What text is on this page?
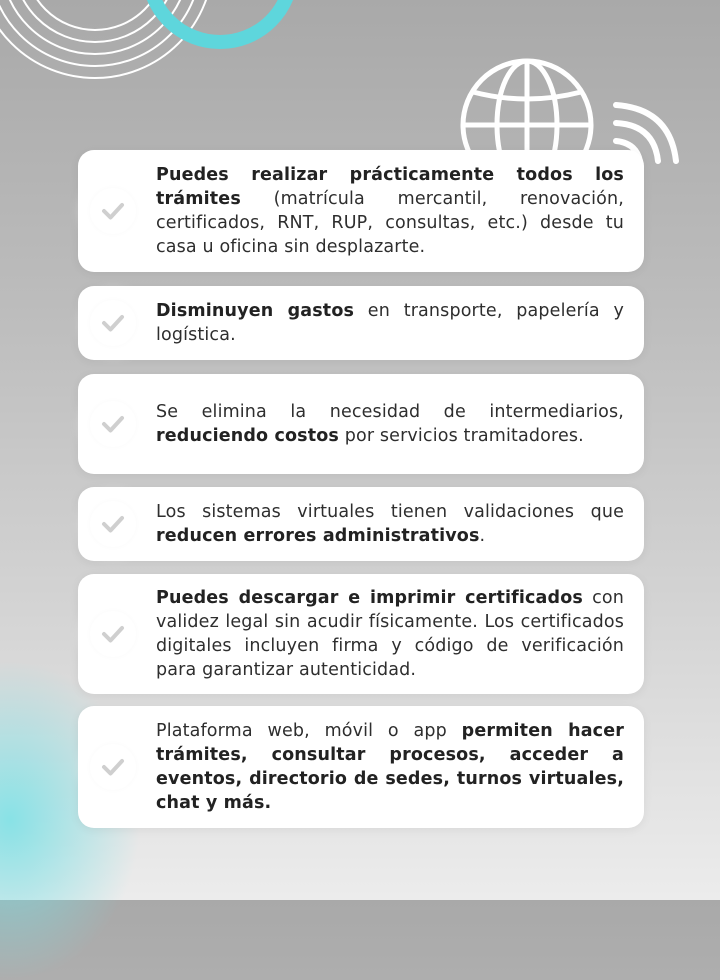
Puedes realizar prácticamente todos los trámites (matrícula mercantil, renovación, certificados, RNT, RUP, consultas, etc.) desde tu casa u oficina sin desplazarte.
Disminuyen gastos en transporte, papelería y logística.
Se elimina la necesidad de intermediarios, reduciendo costos por servicios tramitadores.
Los sistemas virtuales tienen validaciones que reducen errores administrativos.
Puedes descargar e imprimir certificados con validez legal sin acudir físicamente. Los certificados digitales incluyen firma y código de verificación para garantizar autenticidad.
Plataforma web, móvil o app permiten hacer trámites, consultar procesos, acceder a eventos, directorio de sedes, turnos virtuales, chat y más.
